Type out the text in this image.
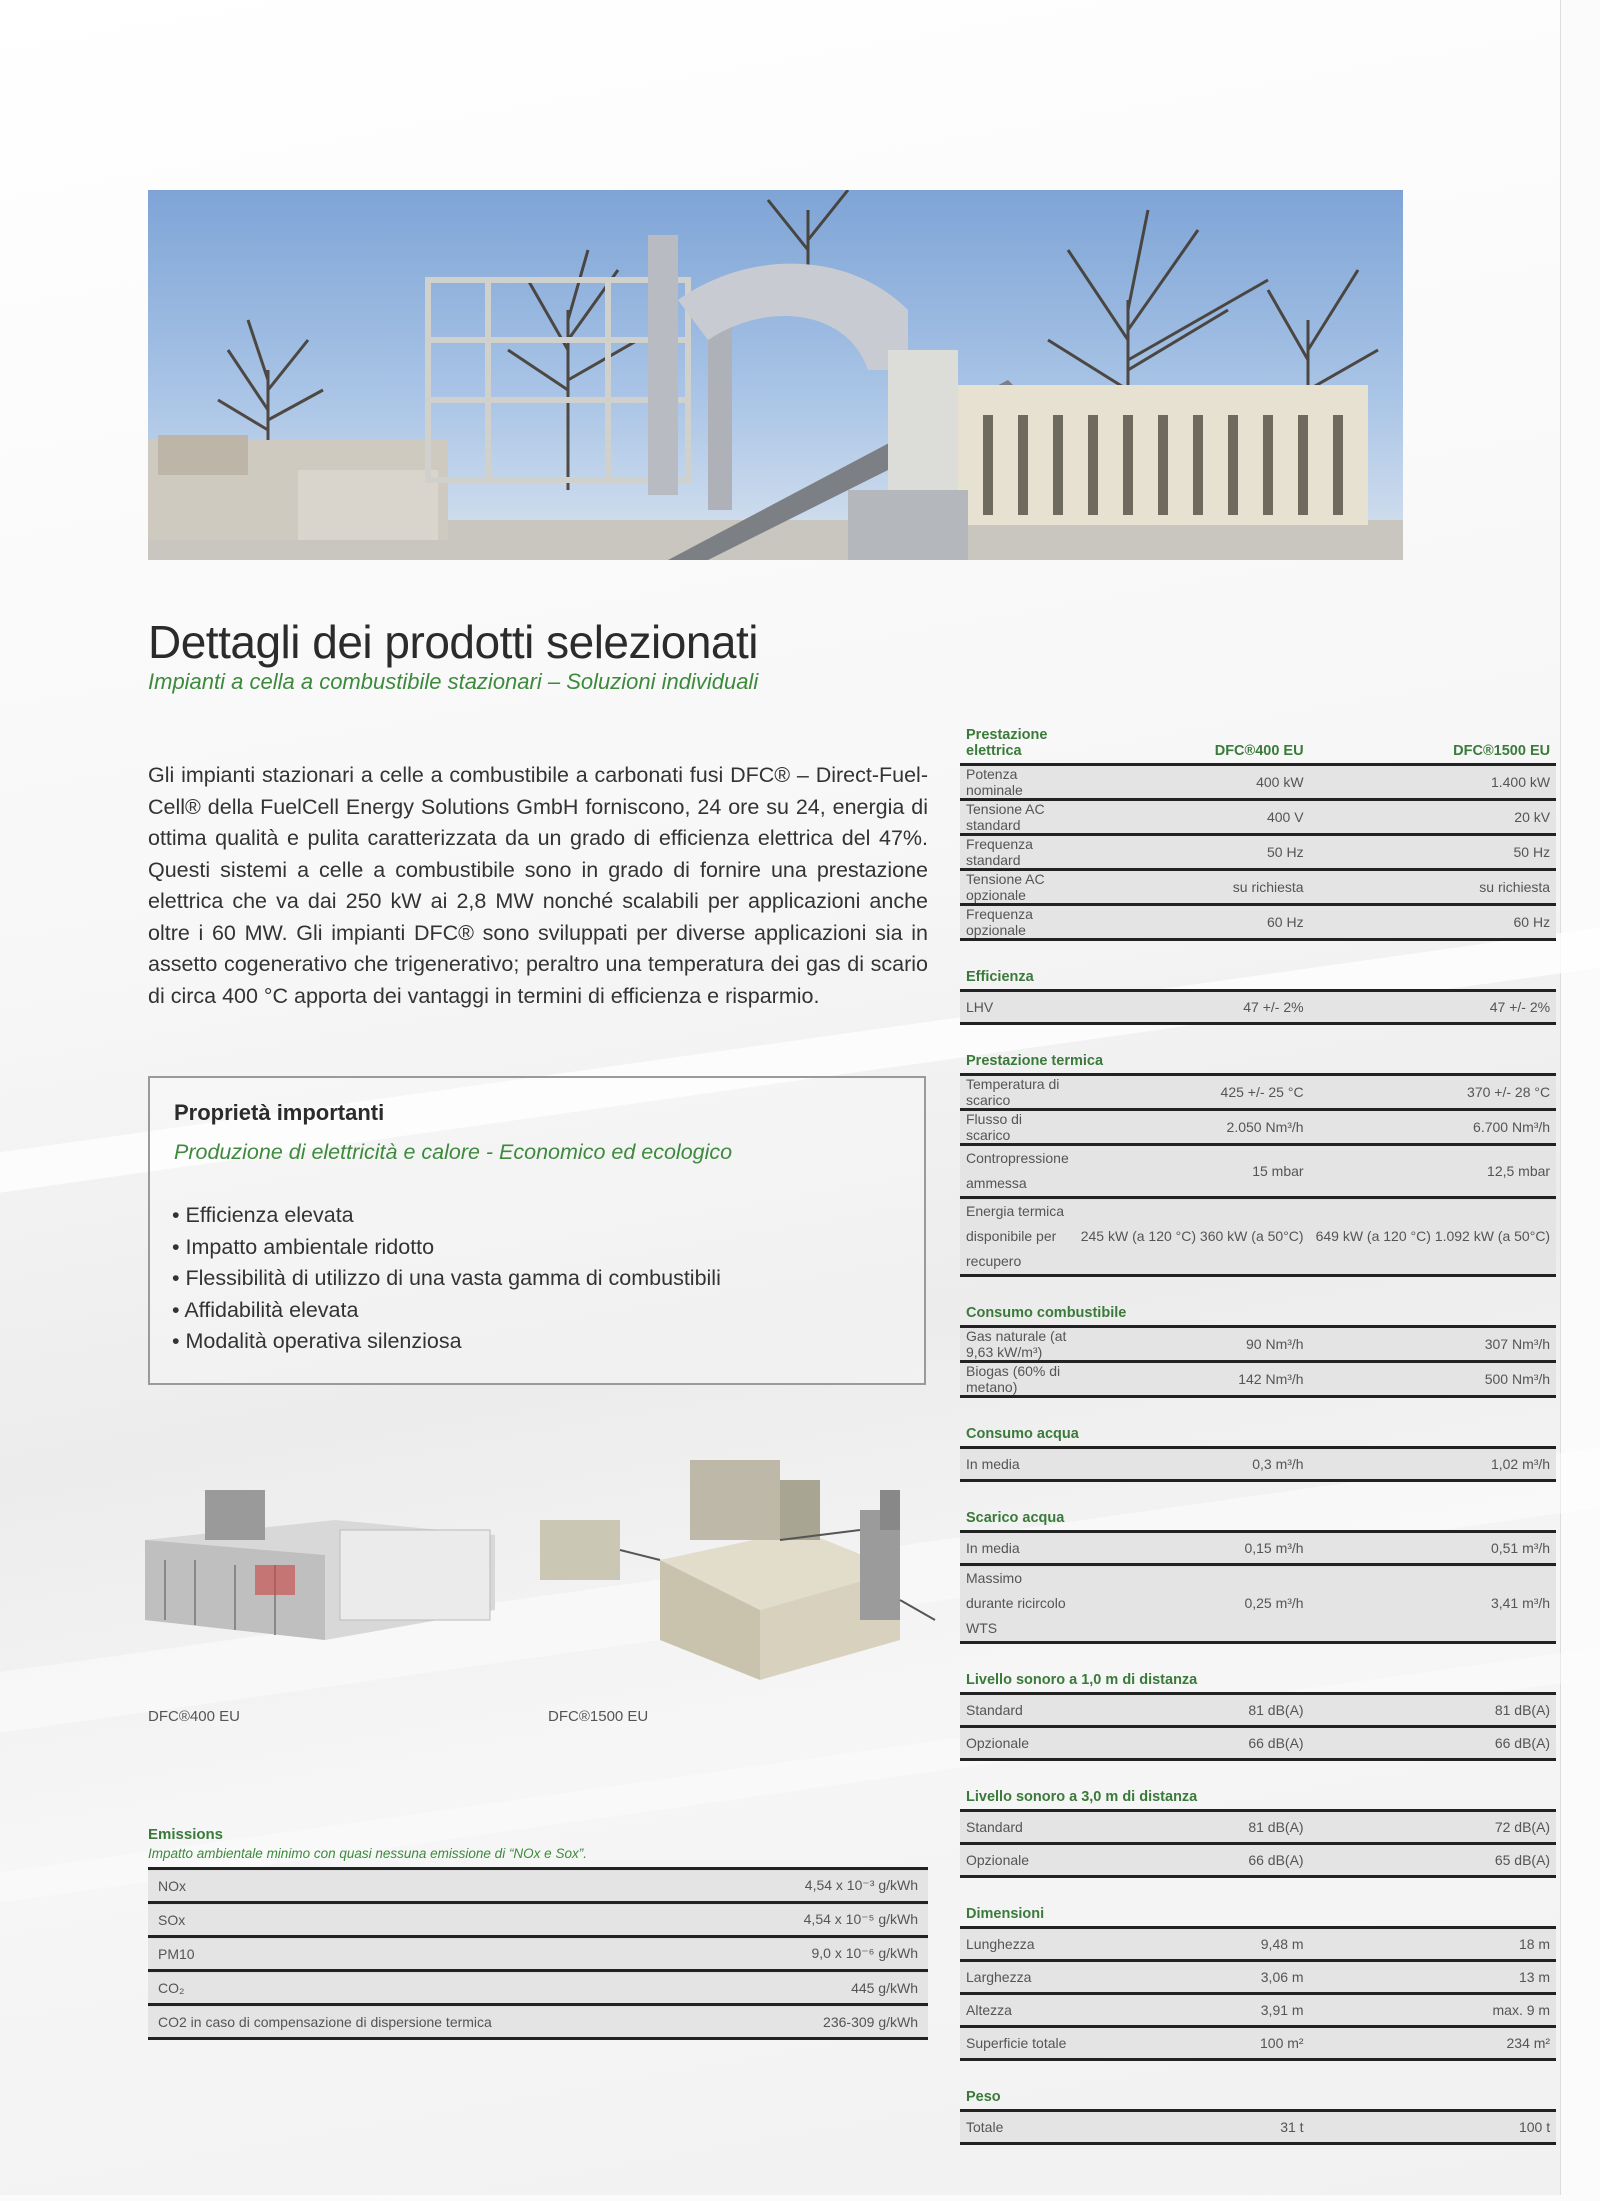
Dettagli dei prodotti selezionati
Impianti a cella a combustibile stazionari – Soluzioni individuali
Gli impianti stazionari a celle a combustibile a carbonati fusi DFC® – Direct-Fuel-Cell® della FuelCell Energy Solutions GmbH forniscono, 24 ore su 24, energia di ottima qualità e pulita caratterizzata da un grado di efficienza elettrica del 47%. Questi sistemi a celle a combustibile sono in grado di fornire una prestazione elettrica che va dai 250 kW ai 2,8 MW nonché scalabili per applicazioni anche oltre i 60 MW. Gli impianti DFC® sono sviluppati per diverse applicazioni sia in assetto cogenerativo che trigenerativo; peraltro una temperatura dei gas di scario di circa 400 °C apporta dei vantaggi in termini di efficienza e risparmio.
Proprietà importanti
Produzione di elettricità e calore - Economico ed ecologico
• Efficienza elevata
• Impatto ambientale ridotto
• Flessibilità di utilizzo di una vasta gamma di combustibili
• Affidabilità elevata
• Modalità operativa silenziosa
DFC®400 EU	DFC®1500 EU
Emissions
Impatto ambientale minimo con quasi nessuna emissione di “NOx e Sox”.
NOx	4,54 x 10⁻³ g/kWh
SOx	4,54 x 10⁻⁵ g/kWh
PM10	9,0 x 10⁻⁶ g/kWh
CO₂	445 g/kWh
CO2 in caso di compensazione di dispersione termica	236-309 g/kWh
Prestazione elettrica	DFC®400 EU	DFC®1500 EU
Potenza nominale	400 kW	1.400 kW
Tensione AC standard	400 V	20 kV
Frequenza standard	50 Hz	50 Hz
Tensione AC opzionale	su richiesta	su richiesta
Frequenza opzionale	60 Hz	60 Hz

Efficienza		
LHV	47 +/- 2%	47 +/- 2%

Prestazione termica		
Temperatura di scarico	425 +/- 25 °C	370 +/- 28 °C
Flusso di scarico	2.050 Nm³/h	6.700 Nm³/h
Contropressione ammessa	15 mbar	12,5 mbar
Energia termica disponibile per recupero	245 kW (a 120 °C) 360 kW (a 50°C)	649 kW (a 120 °C) 1.092 kW (a 50°C)

Consumo combustibile		
Gas naturale (at 9,63 kW/m³)	90 Nm³/h	307 Nm³/h
Biogas (60% di metano)	142 Nm³/h	500 Nm³/h

Consumo acqua		
In media	0,3 m³/h	1,02 m³/h

Scarico acqua		
In media	0,15 m³/h	0,51 m³/h
Massimo durante ricircolo WTS	0,25 m³/h	3,41 m³/h

Livello sonoro a 1,0 m di distanza		
Standard	81 dB(A)	81 dB(A)
Opzionale	66 dB(A)	66 dB(A)

Livello sonoro a 3,0 m di distanza		
Standard	81 dB(A)	72 dB(A)
Opzionale	66 dB(A)	65 dB(A)

Dimensioni		
Lunghezza	9,48 m	18 m
Larghezza	3,06 m	13 m
Altezza	3,91 m	max. 9 m
Superficie totale	100 m²	234 m²

Peso		
Totale	31 t	100 t
